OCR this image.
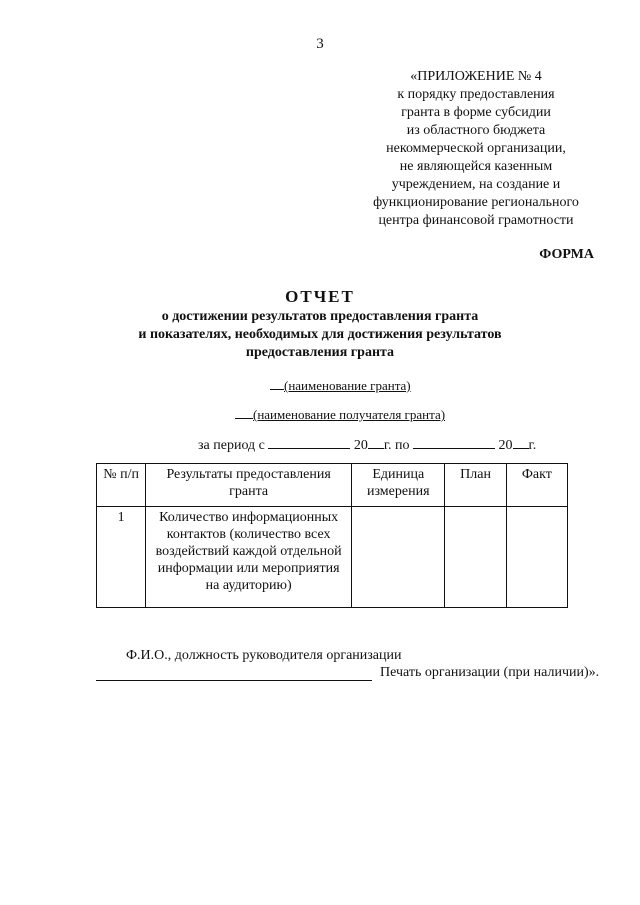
3
«ПРИЛОЖЕНИЕ № 4
к порядку предоставления
гранта в форме субсидии
из областного бюджета
некоммерческой организации,
не являющейся казенным
учреждением, на создание и
функционирование регионального
центра финансовой грамотности
ФОРМА
ОТЧЕТ
о достижении результатов предоставления гранта
и показателях, необходимых для достижения результатов
предоставления гранта
(наименование гранта)
(наименование получателя гранта)
за период с	20 г. по	20 г.
№ п/п	Результаты предоставления гранта	Единица измерения	План	Факт
1	Количество информационных контактов (количество всех воздействий каждой отдельной информации или мероприятия на аудиторию)			
Ф.И.О., должность руководителя организации
Печать организации (при наличии)».
